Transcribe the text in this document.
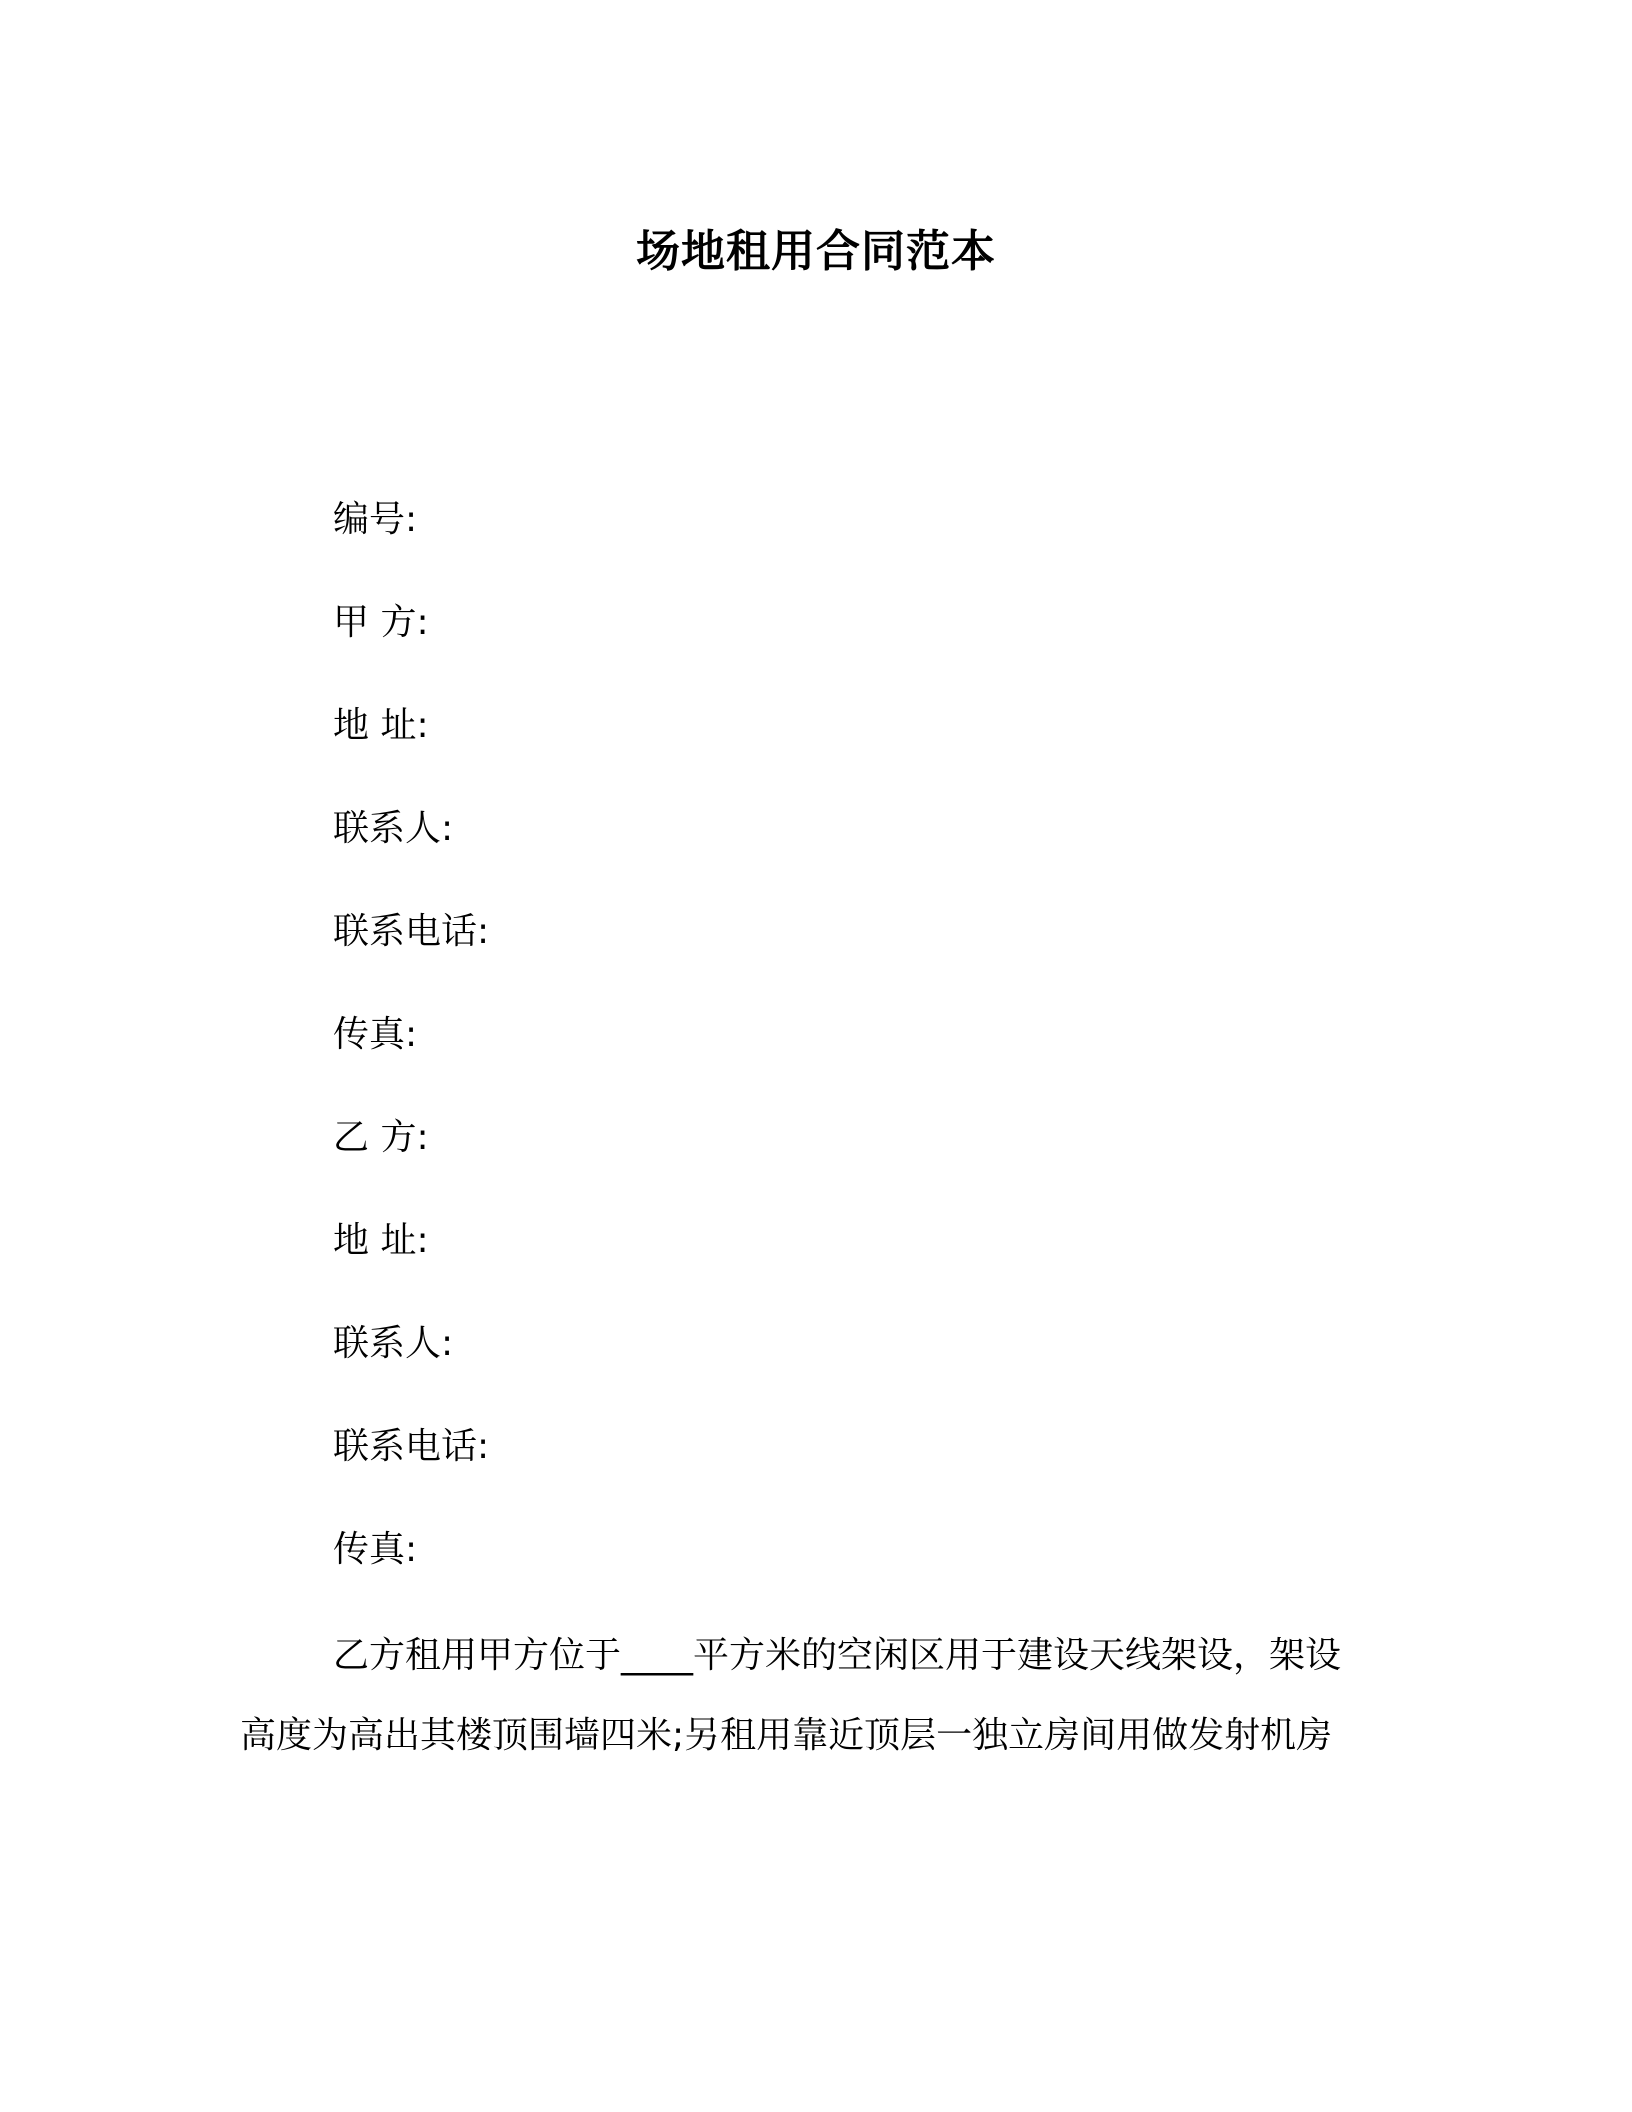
场地租用合同范本
编号:
甲 方:
地 址:
联系人:
联系电话:
传真:
乙 方:
地 址:
联系人:
联系电话:
传真:
乙方租用甲方位于____平方米的空闲区用于建设天线架设，架设
高度为高出其楼顶围墙四米;另租用靠近顶层一独立房间用做发射机房
